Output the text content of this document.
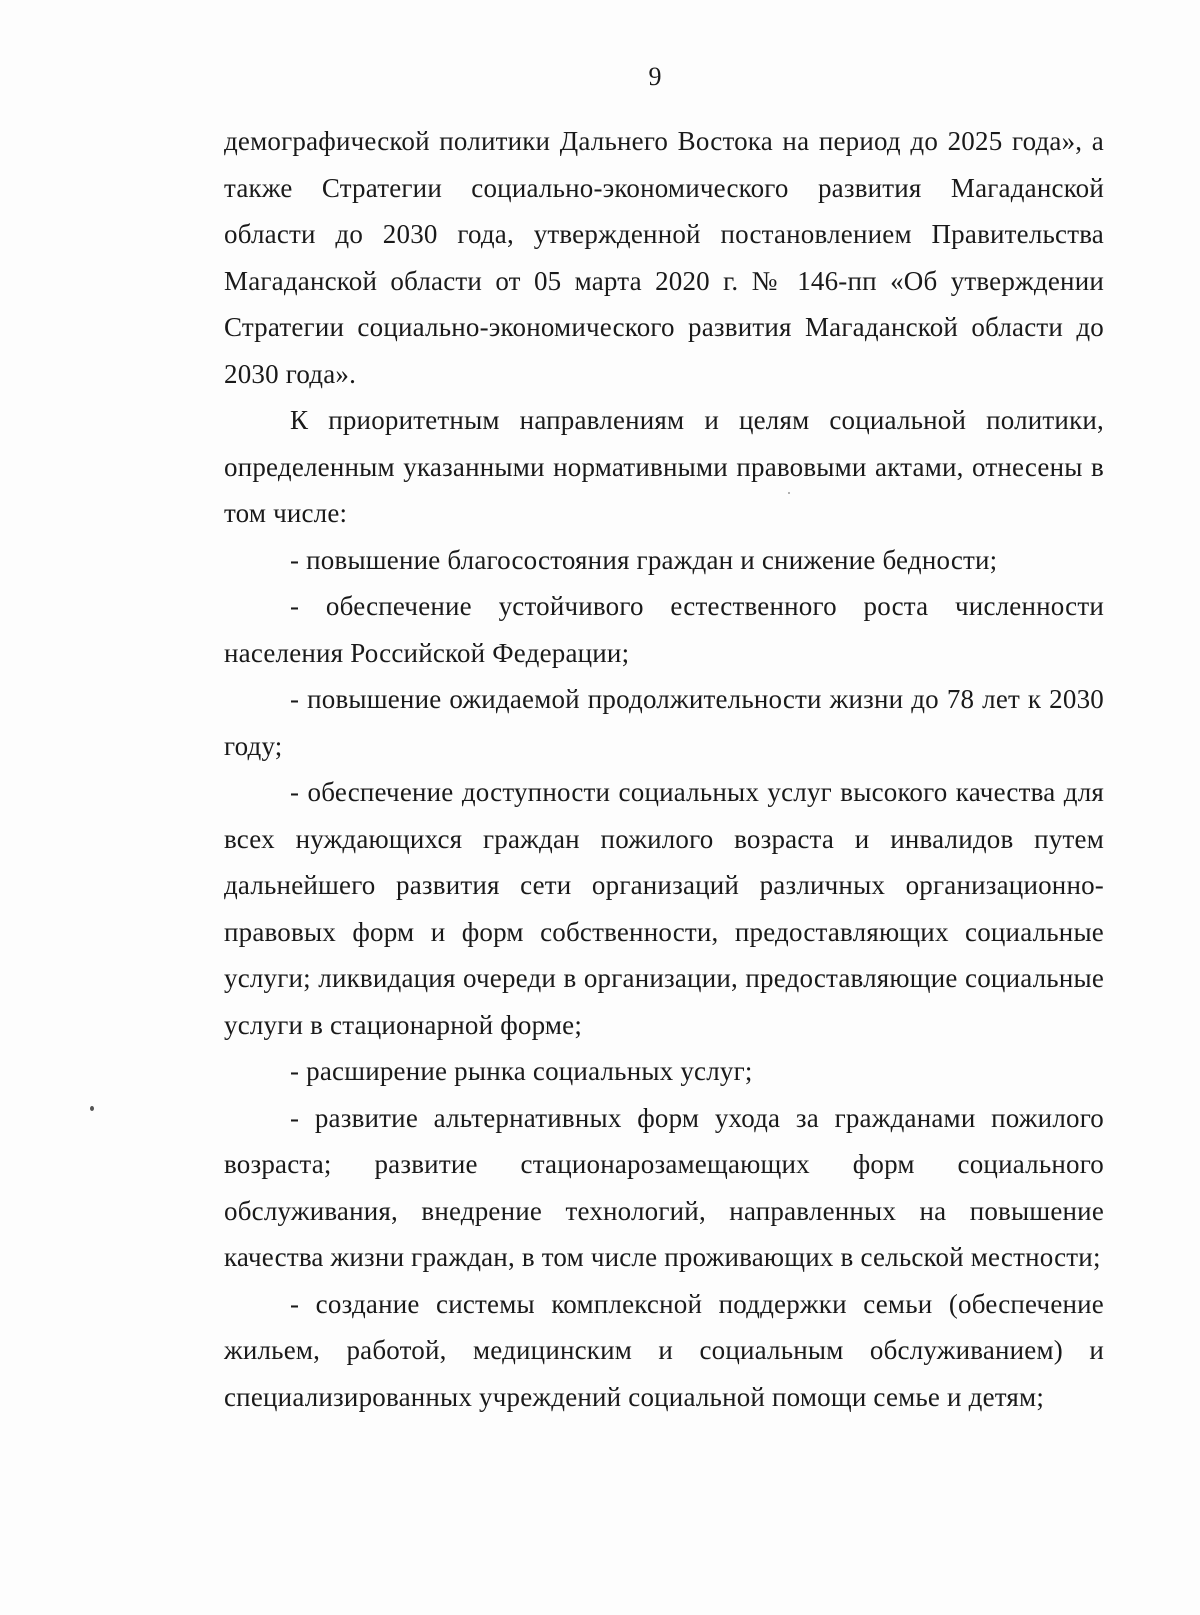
9

демографической политики Дальнего Востока на период до 2025 года», а также Стратегии социально-экономического развития Магаданской области до 2030 года, утвержденной постановлением Правительства Магаданской области от 05 марта 2020 г. № 146-пп «Об утверждении Стратегии социально-экономического развития Магаданской области до 2030 года».

К приоритетным направлениям и целям социальной политики, определенным указанными нормативными правовыми актами, отнесены в том числе:

- повышение благосостояния граждан и снижение бедности;

- обеспечение устойчивого естественного роста численности населения Российской Федерации;

- повышение ожидаемой продолжительности жизни до 78 лет к 2030 году;

- обеспечение доступности социальных услуг высокого качества для всех нуждающихся граждан пожилого возраста и инвалидов путем дальнейшего развития сети организаций различных организационно-правовых форм и форм собственности, предоставляющих социальные услуги; ликвидация очереди в организации, предоставляющие социальные услуги в стационарной форме;

- расширение рынка социальных услуг;

- развитие альтернативных форм ухода за гражданами пожилого возраста; развитие стационарозамещающих форм социального обслуживания, внедрение технологий, направленных на повышение качества жизни граждан, в том числе проживающих в сельской местности;

- создание системы комплексной поддержки семьи (обеспечение жильем, работой, медицинским и социальным обслуживанием) и специализированных учреждений социальной помощи семье и детям;
